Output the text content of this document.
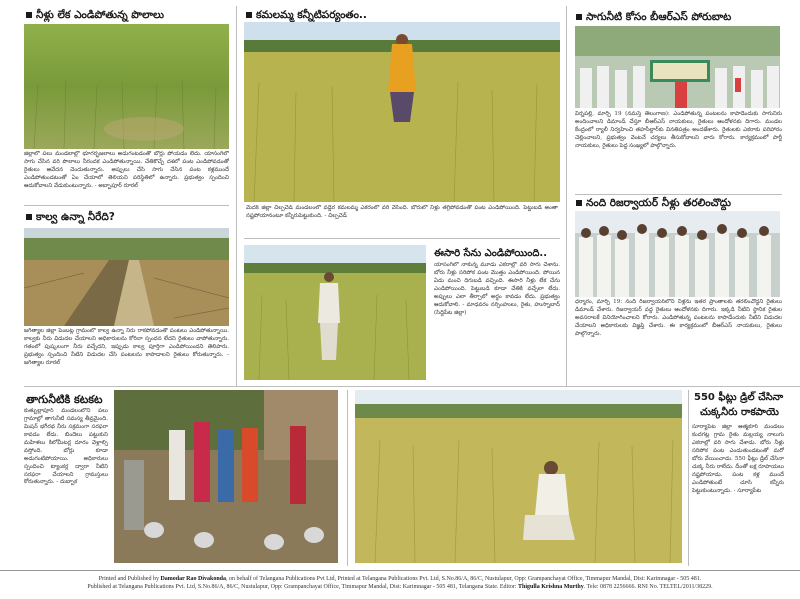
నీళ్లు లేక ఎండిపోతున్న పొలాలు
జిల్లాలో పలు మండలాల్లో భూగర్భజలాలు అడుగంటడంతో బోర్లు పోయడం లేదు. యాసంగిలో సాగు చేసిన వరి పొలాలు నీరందక ఎండిపోతున్నాయి. చేతికొచ్చే దశలో పంట ఎండిపోవడంతో రైతులు ఆవేదన చెందుతున్నారు. అప్పులు చేసి సాగు చేసిన పంట కళ్లముందే ఎండిపోతుండటంతో ఏం చేయాలో తెలియని పరిస్థితిలో ఉన్నారు. ప్రభుత్వం స్పందించి ఆదుకోవాలని వేడుకుంటున్నారు. - అబ్బాపూర్ రూరల్
కాల్వ ఉన్నా నీరేది?
జగిత్యాల జిల్లా పెంబట్ల గ్రామంలో కాల్వ ఉన్నా నీరు రాకపోవడంతో పంటలు ఎండిపోతున్నాయి. కాల్వకు నీరు విడుదల చేయాలని అధికారులను కోరినా స్పందన లేదని రైతులు వాపోతున్నారు. గతంలో పుష్కలంగా నీరు వచ్చేదని, ఇప్పుడు కాల్వ పూర్తిగా ఎండిపోయిందని తెలిపారు. ప్రభుత్వం స్పందించి నీటిని విడుదల చేసి పంటలను కాపాడాలని రైతులు కోరుతున్నారు. - జగిత్యాల రూరల్
కమలమ్మ కన్నీటిపర్యంతం..
మెదక్ జిల్లా చిల్పచెడ్ మండలంలో వడ్డెర కమలమ్మ ఎకరంలో వరి వేసింది. బోరులో నీళ్లు తగ్గిపోవడంతో పంట ఎండిపోయింది. పెట్టుబడి అంతా నష్టపోయానంటూ కన్నీరుపెట్టుకుంది. - చిల్పచెడ్
ఈసారి సేను ఎండిపోయింది..
యాసంగిలో నాకున్న మూడు ఎకరాల్లో వరి సాగు చేశాను. బోరు నీళ్లు సరిపోక పంట మొత్తం ఎండిపోయింది. పోయిన ఏడు మంచి దిగుబడి వచ్చింది. ఈసారి నీళ్లు లేక చేను ఎండిపోయింది. పెట్టుబడి కూడా చేతికి వచ్చేలా లేదు. అప్పులు ఎలా తీర్చాలో అర్థం కావడం లేదు. ప్రభుత్వం ఆదుకోవాలి. - మాధవరం నర్సింహులు, రైతు, హుస్నాబాద్ (సిద్దిపేట జిల్లా)
సాగునీటి కోసం బీఆర్‌ఎస్ పోరుబాట
వీర్నపల్లి, మార్చి 19 (నమస్తే తెలంగాణ): ఎండిపోతున్న పంటలను కాపాడేందుకు సాగునీరు అందించాలని డిమాండ్ చేస్తూ బీఆర్‌ఎస్ నాయకులు, రైతులు ఆందోళనకు దిగారు. మండల కేంద్రంలో ర్యాలీ నిర్వహించి తహసీల్దార్‌కు వినతిపత్రం అందజేశారు. రైతులకు ఎకరాకు పరిహారం చెల్లించాలని, ప్రభుత్వం వెంటనే చర్యలు తీసుకోవాలని వారు కోరారు. కార్యక్రమంలో పార్టీ నాయకులు, రైతులు పెద్ద సంఖ్యలో పాల్గొన్నారు.
నంది రిజర్వాయర్ నీళ్లు తరలించొద్దు
ధర్మారం, మార్చి 19: నంది రిజర్వాయర్‌లోని నీళ్లను ఇతర ప్రాంతాలకు తరలించొద్దని రైతులు డిమాండ్ చేశారు. రిజర్వాయర్ వద్ద రైతులు ఆందోళనకు దిగారు. ఇక్కడి నీటిని స్థానిక రైతుల అవసరాలకే వినియోగించాలని కోరారు. ఎండిపోతున్న పంటలను కాపాడేందుకు నీటిని విడుదల చేయాలని అధికారులకు విజ్ఞప్తి చేశారు. ఈ కార్యక్రమంలో బీఆర్‌ఎస్ నాయకులు, రైతులు పాల్గొన్నారు.
తాగునీటికి కటకట
కుత్బుల్లాపూర్ మండలంలోని పలు గ్రామాల్లో తాగునీటి సమస్య తీవ్రమైంది. మిషన్ భగీరథ నీరు సక్రమంగా సరఫరా కావడం లేదు. బిందెలు పట్టుకుని మహిళలు కిలోమీటర్ల దూరం వెళ్లాల్సి వస్తోంది. బోర్లు కూడా అడుగంటిపోయాయి. అధికారులు స్పందించి ట్యాంకర్ల ద్వారా నీటిని సరఫరా చేయాలని గ్రామస్తులు కోరుతున్నారు. - దుబ్బాక
550 ఫీట్లు డ్రిల్ చేసినా
చుక్కనీరు రాకపాయె
సూర్యాపేట జిల్లా ఆత్మకూర్ మండలం కందగట్ల గ్రామ రైతు మల్లయ్య నాలుగు ఎకరాల్లో వరి సాగు చేశాడు. బోరు నీళ్లు సరిపోక పంట ఎండుతుండటంతో మరో బోరు వేయించాడు. 550 ఫీట్లు డ్రిల్ చేసినా చుక్క నీరు రాలేదు. దీంతో లక్ష రూపాయలు నష్టపోయాడు. పంట కళ్ల ముందే ఎండిపోతుంటే చూసి కన్నీరు పెట్టుకుంటున్నాడు. - సూర్యాపేట
Printed and Published by Damodar Rao Divakonda, on behalf of Telangana Publications Pvt Ltd, Printed at Telangana Publications Pvt. Ltd, S.No.86/A, 86/C, Nustulapur, Opp: Grampanchayat Office, Timmapur Mandal, Dist: Karimnagar - 505 481.
Published at Telangana Publications Pvt. Ltd, S.No.86/A, 86/C, Nustulapur, Opp: Grampanchayat Office, Timmapur Mandal, Dist: Karimnagar - 505 481, Telangana State. Editor: Thigulla Krishna Murthy. Tele: 0878 2256666. RNI No. TELTEL/2011/38229.
